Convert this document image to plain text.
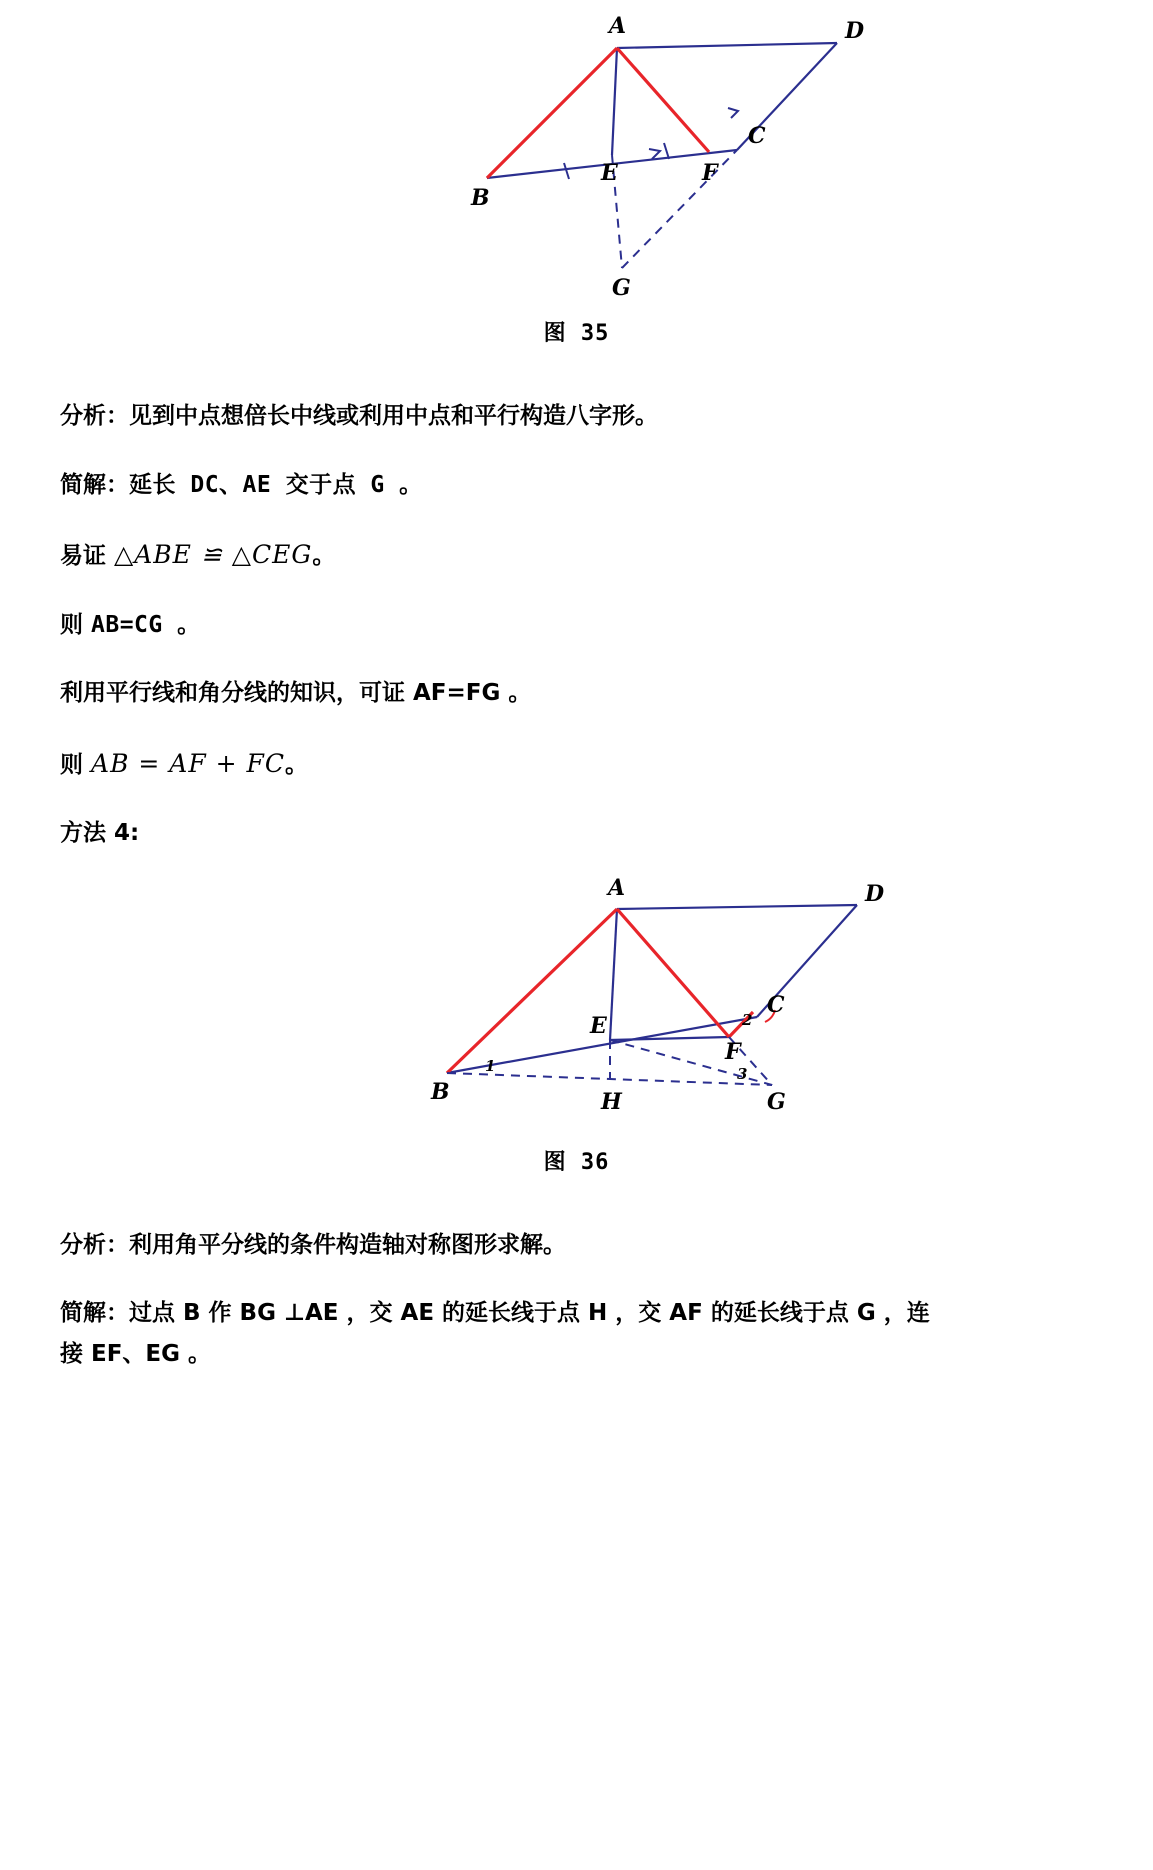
A
B
C
D
E	F
G
图 35
分析：见到中点想倍长中线或利用中点和平行构造八字形。
简解：延长 DC、AE 交于点 G 。
易证 △ABE ≌ △CEG。
则 AB=CG 。
利用平行线和角分线的知识，可证 AF=FG 。
则 AB = AF + FC。
方法 4:
A
B
C
D
E
F
G
H
1
2
3
图 36
分析：利用角平分线的条件构造轴对称图形求解。
简解：过点 B 作 BG ⊥AE ，交 AE 的延长线于点 H ，交 AF 的延长线于点 G ，连
接 EF、EG 。
